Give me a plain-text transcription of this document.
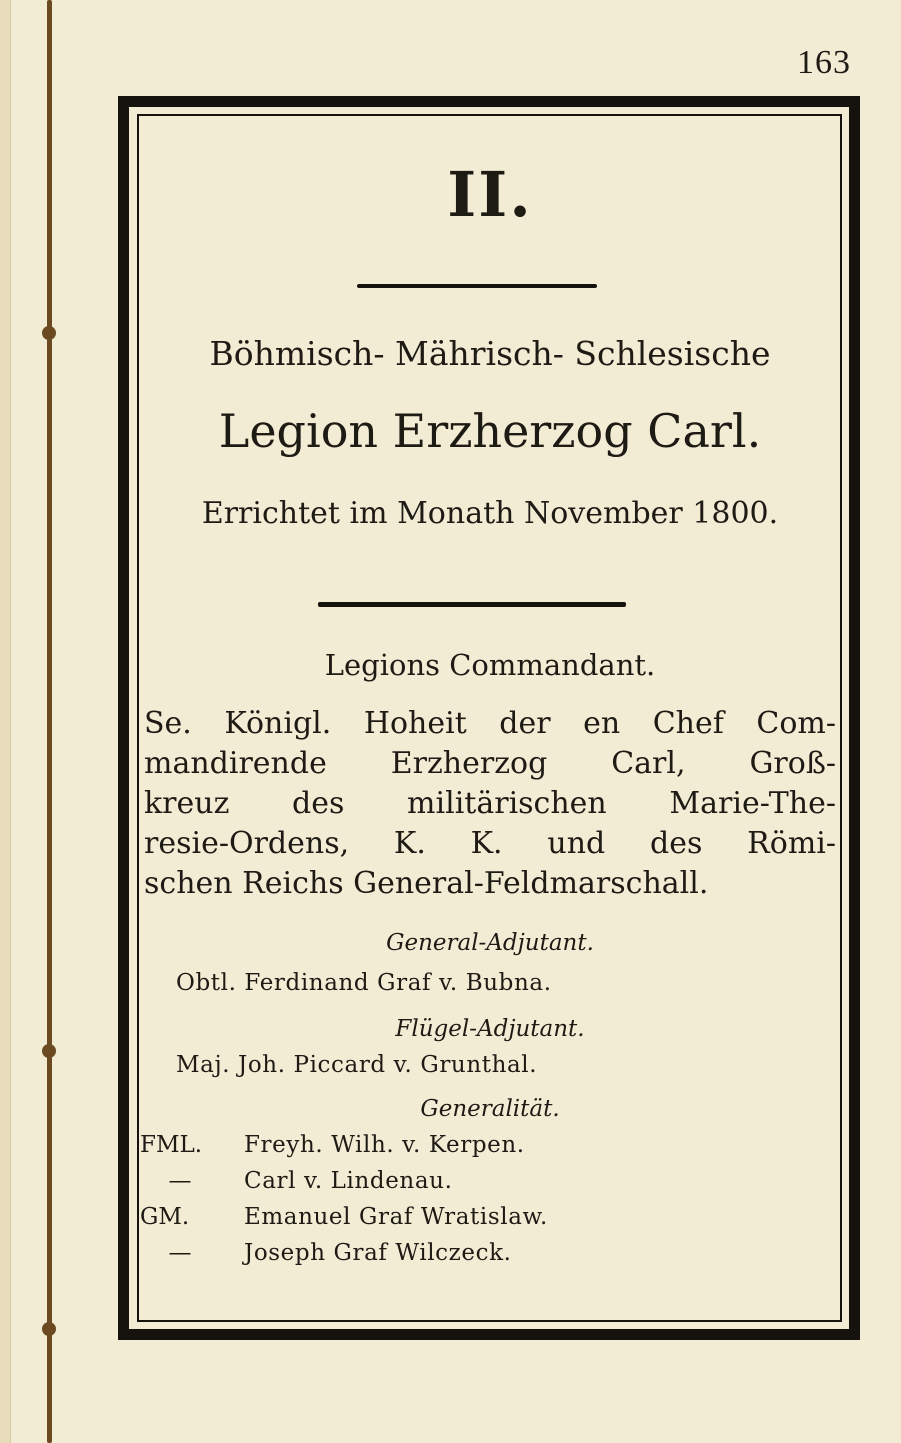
163
II.
Böhmisch- Mährisch- Schlesische
Legion Erzherzog Carl.
Errichtet im Monath November 1800.
Legions Commandant.
Se. Königl. Hoheit der en Chef Com-
mandirende Erzherzog Carl, Groß-
kreuz des militärischen Marie-The-
resie-Ordens, K. K. und des Römi-
schen Reichs General-Feldmarschall.
General-Adjutant.
Obtl. Ferdinand Graf v. Bubna.
Flügel-Adjutant.
Maj. Joh. Piccard v. Grunthal.
Generalität.
FML.	Freyh. Wilh. v. Kerpen.
—	Carl v. Lindenau.
GM.	Emanuel Graf Wratislaw.
—	Joseph Graf Wilczeck.
